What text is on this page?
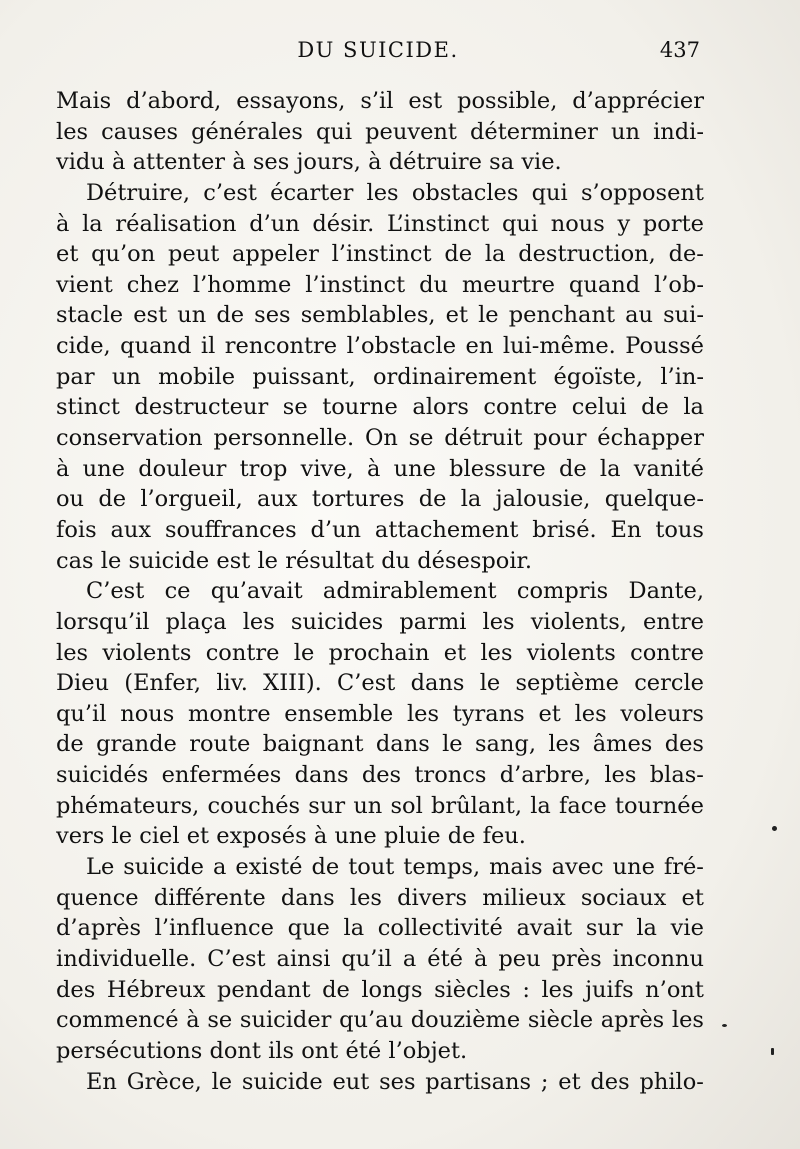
DU SUICIDE.	437
Mais d’abord, essayons, s’il est possible, d’apprécier
les causes générales qui peuvent déterminer un indi-
vidu à attenter à ses jours, à détruire sa vie.
Détruire, c’est écarter les obstacles qui s’opposent
à la réalisation d’un désir. L’instinct qui nous y porte
et qu’on peut appeler l’instinct de la destruction, de-
vient chez l’homme l’instinct du meurtre quand l’ob-
stacle est un de ses semblables, et le penchant au sui-
cide, quand il rencontre l’obstacle en lui-même. Poussé
par un mobile puissant, ordinairement égoïste, l’in-
stinct destructeur se tourne alors contre celui de la
conservation personnelle. On se détruit pour échapper
à une douleur trop vive, à une blessure de la vanité
ou de l’orgueil, aux tortures de la jalousie, quelque-
fois aux souffrances d’un attachement brisé. En tous
cas le suicide est le résultat du désespoir.
C’est ce qu’avait admirablement compris Dante,
lorsqu’il plaça les suicides parmi les violents, entre
les violents contre le prochain et les violents contre
Dieu (Enfer, liv. XIII). C’est dans le septième cercle
qu’il nous montre ensemble les tyrans et les voleurs
de grande route baignant dans le sang, les âmes des
suicidés enfermées dans des troncs d’arbre, les blas-
phémateurs, couchés sur un sol brûlant, la face tournée
vers le ciel et exposés à une pluie de feu.
Le suicide a existé de tout temps, mais avec une fré-
quence différente dans les divers milieux sociaux et
d’après l’influence que la collectivité avait sur la vie
individuelle. C’est ainsi qu’il a été à peu près inconnu
des Hébreux pendant de longs siècles : les juifs n’ont
commencé à se suicider qu’au douzième siècle après les
persécutions dont ils ont été l’objet.
En Grèce, le suicide eut ses partisans ; et des philo-
